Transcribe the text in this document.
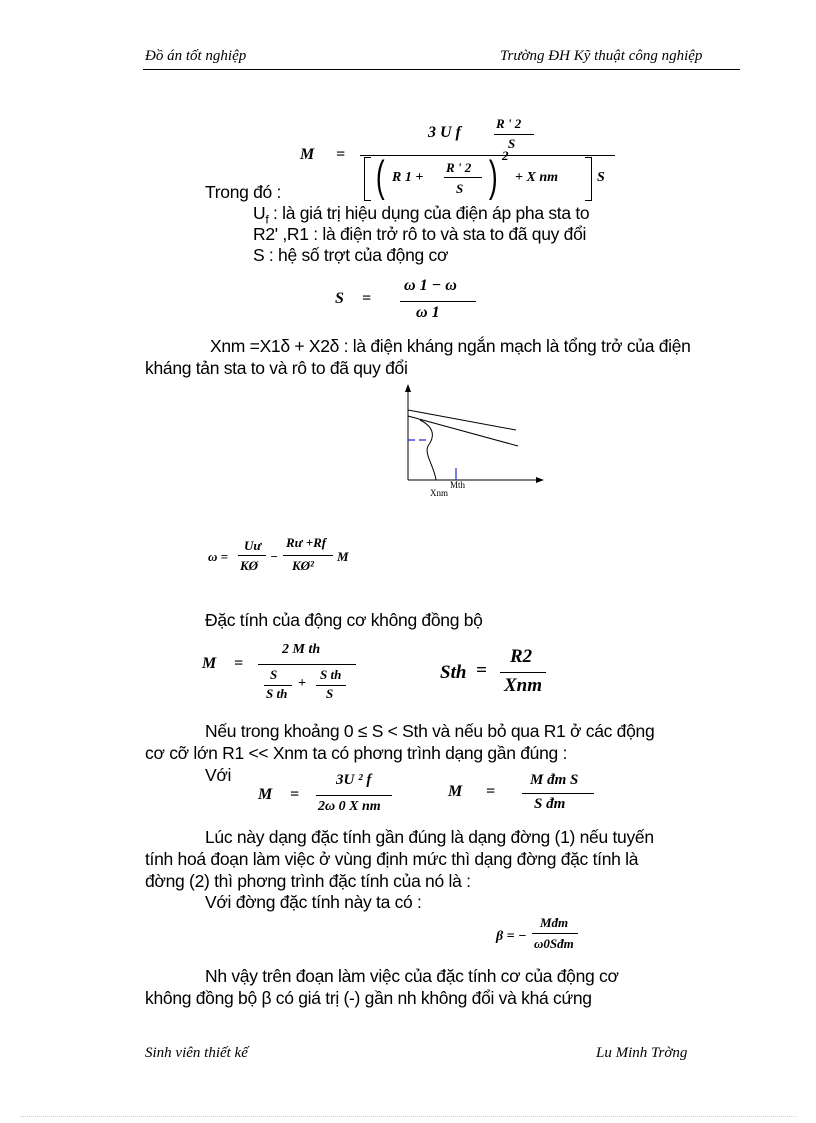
Đồ án tốt nghiệp	Trường ĐH Kỹ thuật công nghiệp
M =
3 U f
R ' 2
S
( R 1 +
R ' 2
S ) 2
+ X nm	S
Trong đó :
$U_f$ : là giá trị hiệu dụng của điện áp pha sta to
R2' ,R1 : là điện trở rô to và sta to đã quy đổi
S : hệ số trợt của động cơ
S =
ω 1 − ω
ω 1
Xnm =X1δ + X2δ : là điện kháng ngắn mạch là tổng trở của điện
kháng tản sta to và rô to đã quy đổi
Mth
Xnm
ω =
Uư
KØ
−
Rư +Rf
KØ²
M
Đặc tính của động cơ không đồng bộ
M =
2 M th
S
S th
+
S th
S
Sth =
R2
Xnm
Nếu trong khoảng 0 ≤ S < Sth và nếu bỏ qua R1 ở các động
cơ cỡ lớn R1 << Xnm ta có phơng trình dạng gần đúng :
Với
M =
3U ² f
2ω 0 X nm
M =
M đm S
S đm
Lúc này dạng đặc tính gần đúng là dạng đờng (1) nếu tuyến
tính hoá đoạn làm việc ở vùng định mức thì dạng đờng đặc tính là
đờng (2) thì phơng trình đặc tính của nó là :
Với đờng đặc tính này ta có :
β = −
Mđm
ω0Sđm
Nh vậy trên đoạn làm việc của đặc tính cơ của động cơ
không đồng bộ β có giá trị (-) gần nh không đổi và khá cứng
Sinh viên thiết kế	Lu Minh Trờng
